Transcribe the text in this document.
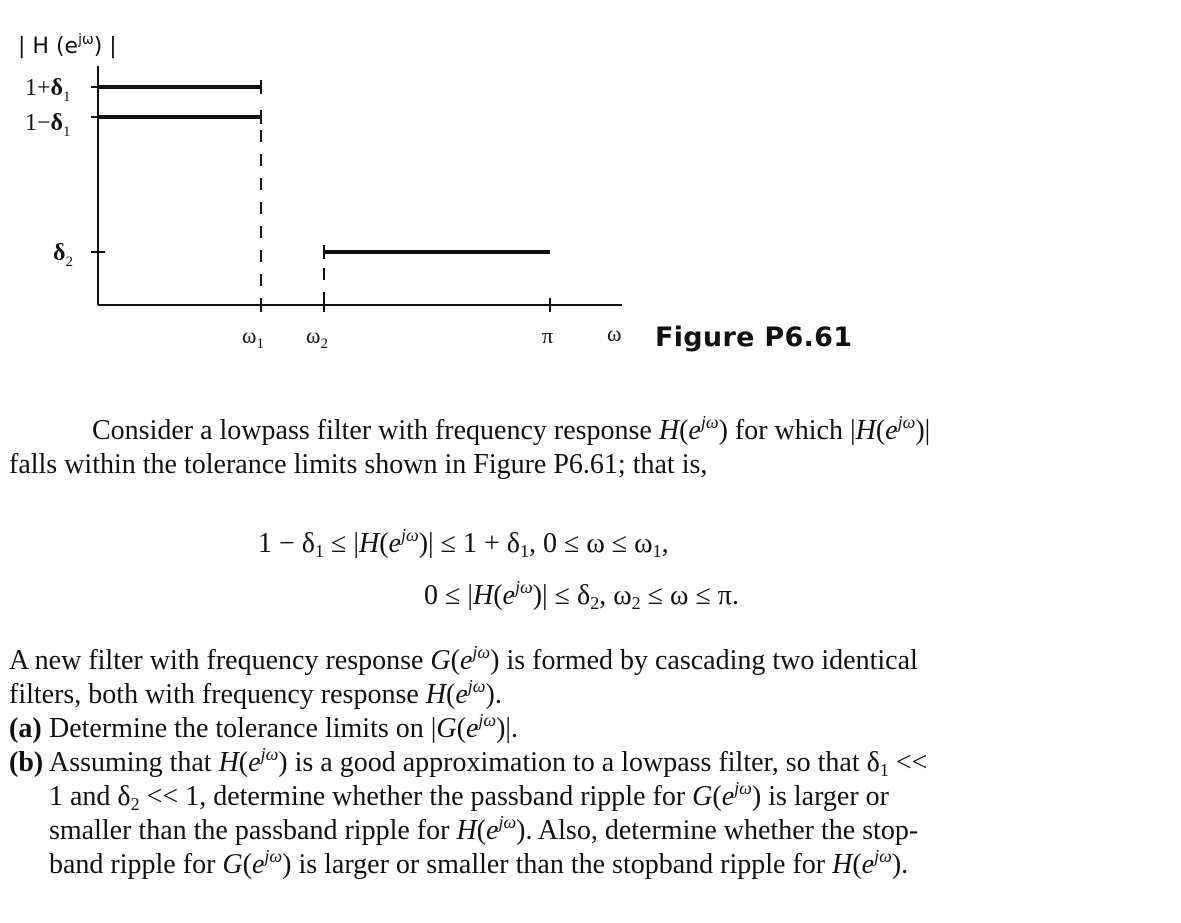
| H $(e^{j\omega})$ |
$1+\delta_1$
$1-\delta_1$
$\delta_2$
$\omega_1$ $\omega_2$	π ω Figure P6.61
Consider a lowpass filter with frequency response $H(e^{j\omega})$ for which $|H(e^{j\omega})|$
falls within the tolerance limits shown in Figure P6.61; that is,
$1 - \delta_1 \le |H(e^{j\omega})| \le 1 + \delta_1$, $0 \le \omega \le \omega_1$,
$0 \le |H(e^{j\omega})| \le \delta_2$, $\omega_2 \le \omega \le \pi$.
A new filter with frequency response $G(e^{j\omega})$ is formed by cascading two identical
filters, both with frequency response $H(e^{j\omega})$.
(a) Determine the tolerance limits on $|G(e^{j\omega})|$.
(b) Assuming that $H(e^{j\omega})$ is a good approximation to a lowpass filter, so that $\delta_1$ <<
1 and $\delta_2 << 1$, determine whether the passband ripple for $G(e^{j\omega})$ is larger or
smaller than the passband ripple for $H(e^{j\omega})$. Also, determine whether the stop-
band ripple for $G(e^{j\omega})$ is larger or smaller than the stopband ripple for $H(e^{j\omega})$.
